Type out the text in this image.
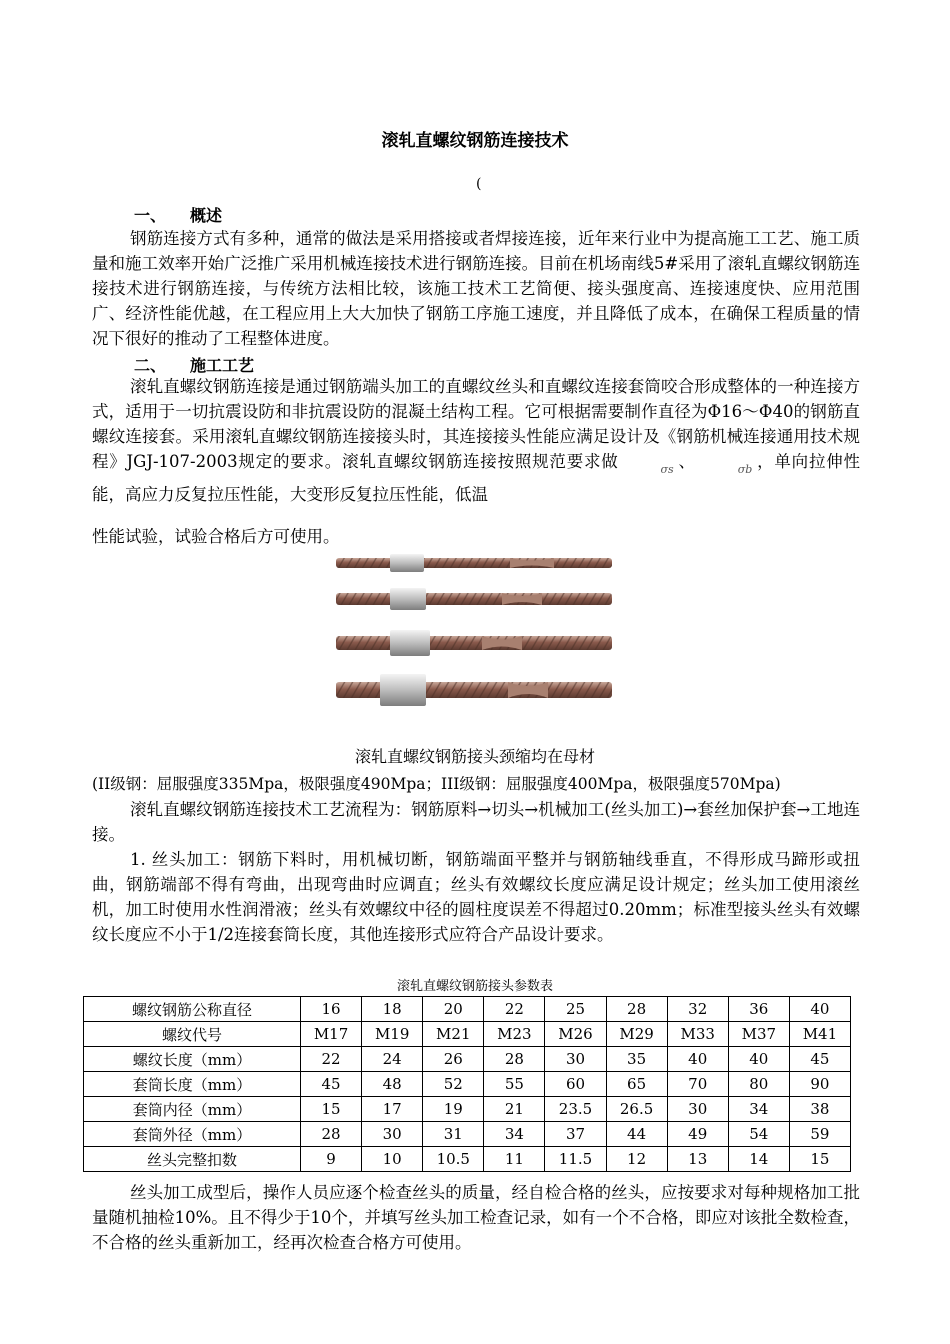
滚轧直螺纹钢筋连接技术
(
一、 概述

钢筋连接方式有多种，通常的做法是采用搭接或者焊接连接，近年来行业中为提高施工工艺、施工质量和施工效率开始广泛推广采用机械连接技术进行钢筋连接。目前在机场南线5#采用了滚轧直螺纹钢筋连接技术进行钢筋连接，与传统方法相比较，该施工技术工艺简便、接头强度高、连接速度快、应用范围广、经济性能优越，在工程应用上大大加快了钢筋工序施工速度，并且降低了成本，在确保工程质量的情况下很好的推动了工程整体进度。

二、 施工工艺

滚轧直螺纹钢筋连接是通过钢筋端头加工的直螺纹丝头和直螺纹连接套筒咬合形成整体的一种连接方式，适用于一切抗震设防和非抗震设防的混凝土结构工程。它可根据需要制作直径为Φ16～Φ40的钢筋直螺纹连接套。采用滚轧直螺纹钢筋连接接头时，其连接接头性能应满足设计及《钢筋机械连接通用技术规程》JGJ-107-2003规定的要求。滚轧直螺纹钢筋连接按照规范要求做	σs 、	σb ，单向拉伸性能，高应力反复拉压性能，大变形反复拉压性能，低温

性能试验，试验合格后方可使用。

滚轧直螺纹钢筋接头颈缩均在母材
(II级钢：屈服强度335Mpa，极限强度490Mpa；III级钢：屈服强度400Mpa，极限强度570Mpa)

滚轧直螺纹钢筋连接技术工艺流程为：钢筋原料→切头→机械加工(丝头加工)→套丝加保护套→工地连接。

1. 丝头加工：钢筋下料时，用机械切断，钢筋端面平整并与钢筋轴线垂直，不得形成马蹄形或扭曲，钢筋端部不得有弯曲，出现弯曲时应调直；丝头有效螺纹长度应满足设计规定；丝头加工使用滚丝机，加工时使用水性润滑液；丝头有效螺纹中径的圆柱度误差不得超过0.20mm；标准型接头丝头有效螺纹长度应不小于1/2连接套筒长度，其他连接形式应符合产品设计要求。

滚轧直螺纹钢筋接头参数表
螺纹钢筋公称直径	16	18	20	22	25	28	32	36	40
螺纹代号	M17	M19	M21	M23	M26	M29	M33	M37	M41
螺纹长度（mm）	22	24	26	28	30	35	40	40	45
套筒长度（mm）	45	48	52	55	60	65	70	80	90
套筒内径（mm）	15	17	19	21	23.5	26.5	30	34	38
套筒外径（mm）	28	30	31	34	37	44	49	54	59
丝头完整扣数	9	10	10.5	11	11.5	12	13	14	15

丝头加工成型后，操作人员应逐个检查丝头的质量，经自检合格的丝头，应按要求对每种规格加工批量随机抽检10%。且不得少于10个，并填写丝头加工检查记录，如有一个不合格，即应对该批全数检查，不合格的丝头重新加工，经再次检查合格方可使用。
